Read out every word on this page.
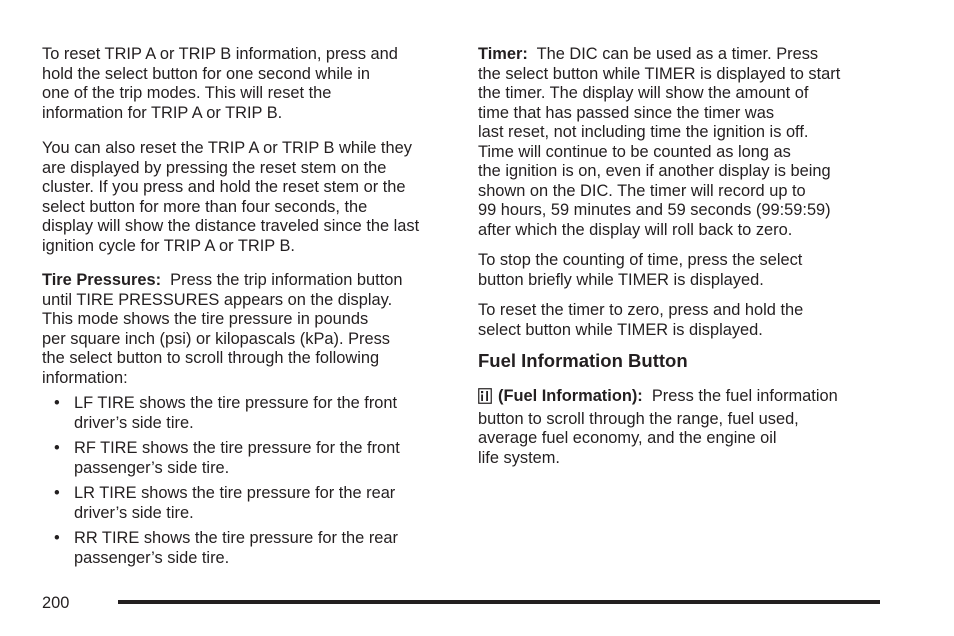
To reset TRIP A or TRIP B information, press and
hold the select button for one second while in
one of the trip modes. This will reset the
information for TRIP A or TRIP B.

You can also reset the TRIP A or TRIP B while they
are displayed by pressing the reset stem on the
cluster. If you press and hold the reset stem or the
select button for more than four seconds, the
display will show the distance traveled since the last
ignition cycle for TRIP A or TRIP B.

Tire Pressures: Press the trip information button
until TIRE PRESSURES appears on the display.
This mode shows the tire pressure in pounds
per square inch (psi) or kilopascals (kPa). Press
the select button to scroll through the following
information:

• LF TIRE shows the tire pressure for the front
driver’s side tire.
• RF TIRE shows the tire pressure for the front
passenger’s side tire.
• LR TIRE shows the tire pressure for the rear
driver’s side tire.
• RR TIRE shows the tire pressure for the rear
passenger’s side tire.

Timer: The DIC can be used as a timer. Press
the select button while TIMER is displayed to start
the timer. The display will show the amount of
time that has passed since the timer was
last reset, not including time the ignition is off.
Time will continue to be counted as long as
the ignition is on, even if another display is being
shown on the DIC. The timer will record up to
99 hours, 59 minutes and 59 seconds (99:59:59)
after which the display will roll back to zero.

To stop the counting of time, press the select
button briefly while TIMER is displayed.

To reset the timer to zero, press and hold the
select button while TIMER is displayed.

Fuel Information Button

(Fuel Information): Press the fuel information
button to scroll through the range, fuel used,
average fuel economy, and the engine oil
life system.

200
